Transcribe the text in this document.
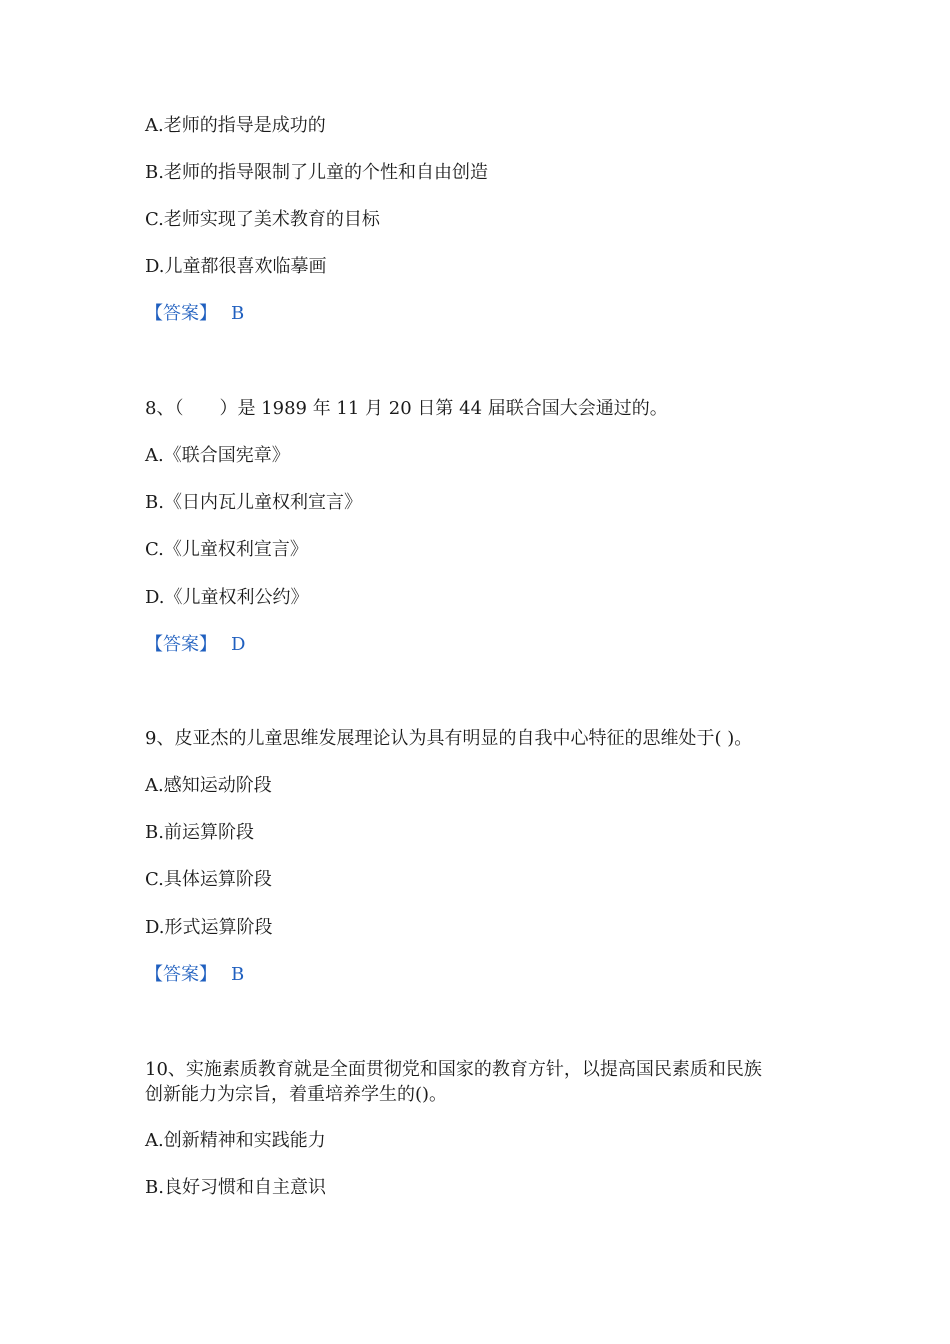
A.老师的指导是成功的
B.老师的指导限制了儿童的个性和自由创造
C.老师实现了美术教育的目标
D.儿童都很喜欢临摹画
【答案】 B
8、（　　）是 1989 年 11 月 20 日第 44 届联合国大会通过的。
A.《联合国宪章》
B.《日内瓦儿童权利宣言》
C.《儿童权利宣言》
D.《儿童权利公约》
【答案】 D
9、皮亚杰的儿童思维发展理论认为具有明显的自我中心特征的思维处于( )。
A.感知运动阶段
B.前运算阶段
C.具体运算阶段
D.形式运算阶段
【答案】 B
10、实施素质教育就是全面贯彻党和国家的教育方针，以提高国民素质和民族
创新能力为宗旨，着重培养学生的()。
A.创新精神和实践能力
B.良好习惯和自主意识
